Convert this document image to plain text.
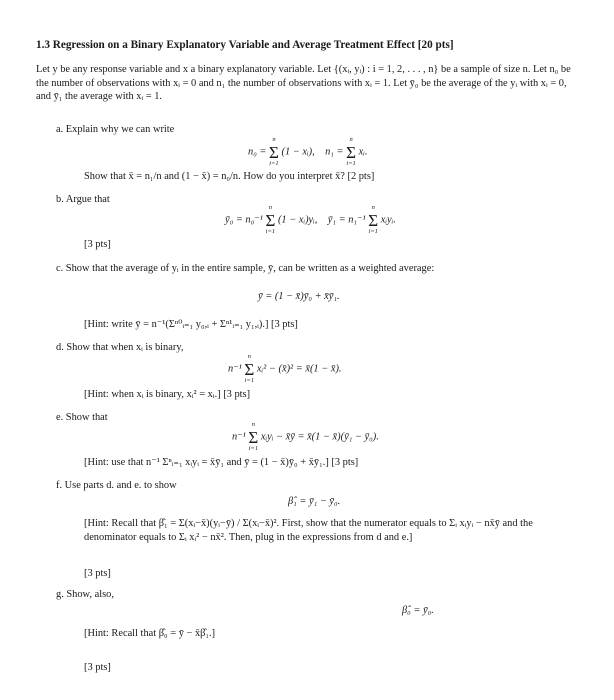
1.3 Regression on a Binary Explanatory Variable and Average Treatment Effect [20 pts]
Let y be any response variable and x a binary explanatory variable. Let {(xᵢ, yᵢ) : i = 1, 2, . . . , n} be a sample of size n. Let n₀ be the number of observations with xᵢ = 0 and n₁ the number of observations with xᵢ = 1. Let ȳ₀ be the average of the yᵢ with xᵢ = 0, and ȳ₁ the average with xᵢ = 1.
a. Explain why we can write
n₀ =
n
Σ
i=1
(1 − xᵢ), n₁ =
n
Σ
i=1
xᵢ.
Show that x̄ = n₁/n and (1 − x̄) = n₀/n. How do you interpret x̄? [2 pts]
b. Argue that
ȳ₀ = n₀⁻¹
n
Σ
i=1
(1 − xᵢ)yᵢ, ȳ₁ = n₁⁻¹
n
Σ
i=1
xᵢyᵢ.
[3 pts]
c. Show that the average of yᵢ in the entire sample, ȳ, can be written as a weighted average:
ȳ = (1 − x̄)ȳ₀ + x̄ȳ₁.
[Hint: write ȳ = n⁻¹(Σⁿ⁰ᵢ₌₁ y₀,ᵢ + Σⁿ¹ᵢ₌₁ y₁,ᵢ).] [3 pts]
d. Show that when xᵢ is binary,
n⁻¹
n
Σ
i=1
xᵢ² − (x̄)² = x̄(1 − x̄).
[Hint: when xᵢ is binary, xᵢ² = xᵢ.] [3 pts]
e. Show that
n⁻¹
n
Σ
i=1
xᵢyᵢ − x̄ȳ = x̄(1 − x̄)(ȳ₁ − ȳ₀).
[Hint: use that n⁻¹ Σⁿᵢ₌₁ xᵢyᵢ = x̄ȳ₁ and ȳ = (1 − x̄)ȳ₀ + x̄ȳ₁.] [3 pts]
f. Use parts d. and e. to show
β̂₁ = ȳ₁ − ȳ₀.
[Hint: Recall that β̂₁ = Σ(xᵢ−x̄)(yᵢ−ȳ) / Σ(xᵢ−x̄)². First, show that the numerator equals to Σᵢ xᵢyᵢ − nx̄ȳ and the denominator equals to Σᵢ xᵢ² − nx̄². Then, plug in the expressions from d and e.]
[3 pts]
g. Show, also,
β̂₀ = ȳ₀.
[Hint: Recall that β̂₀ = ȳ − x̄β̂₁.]
[3 pts]
